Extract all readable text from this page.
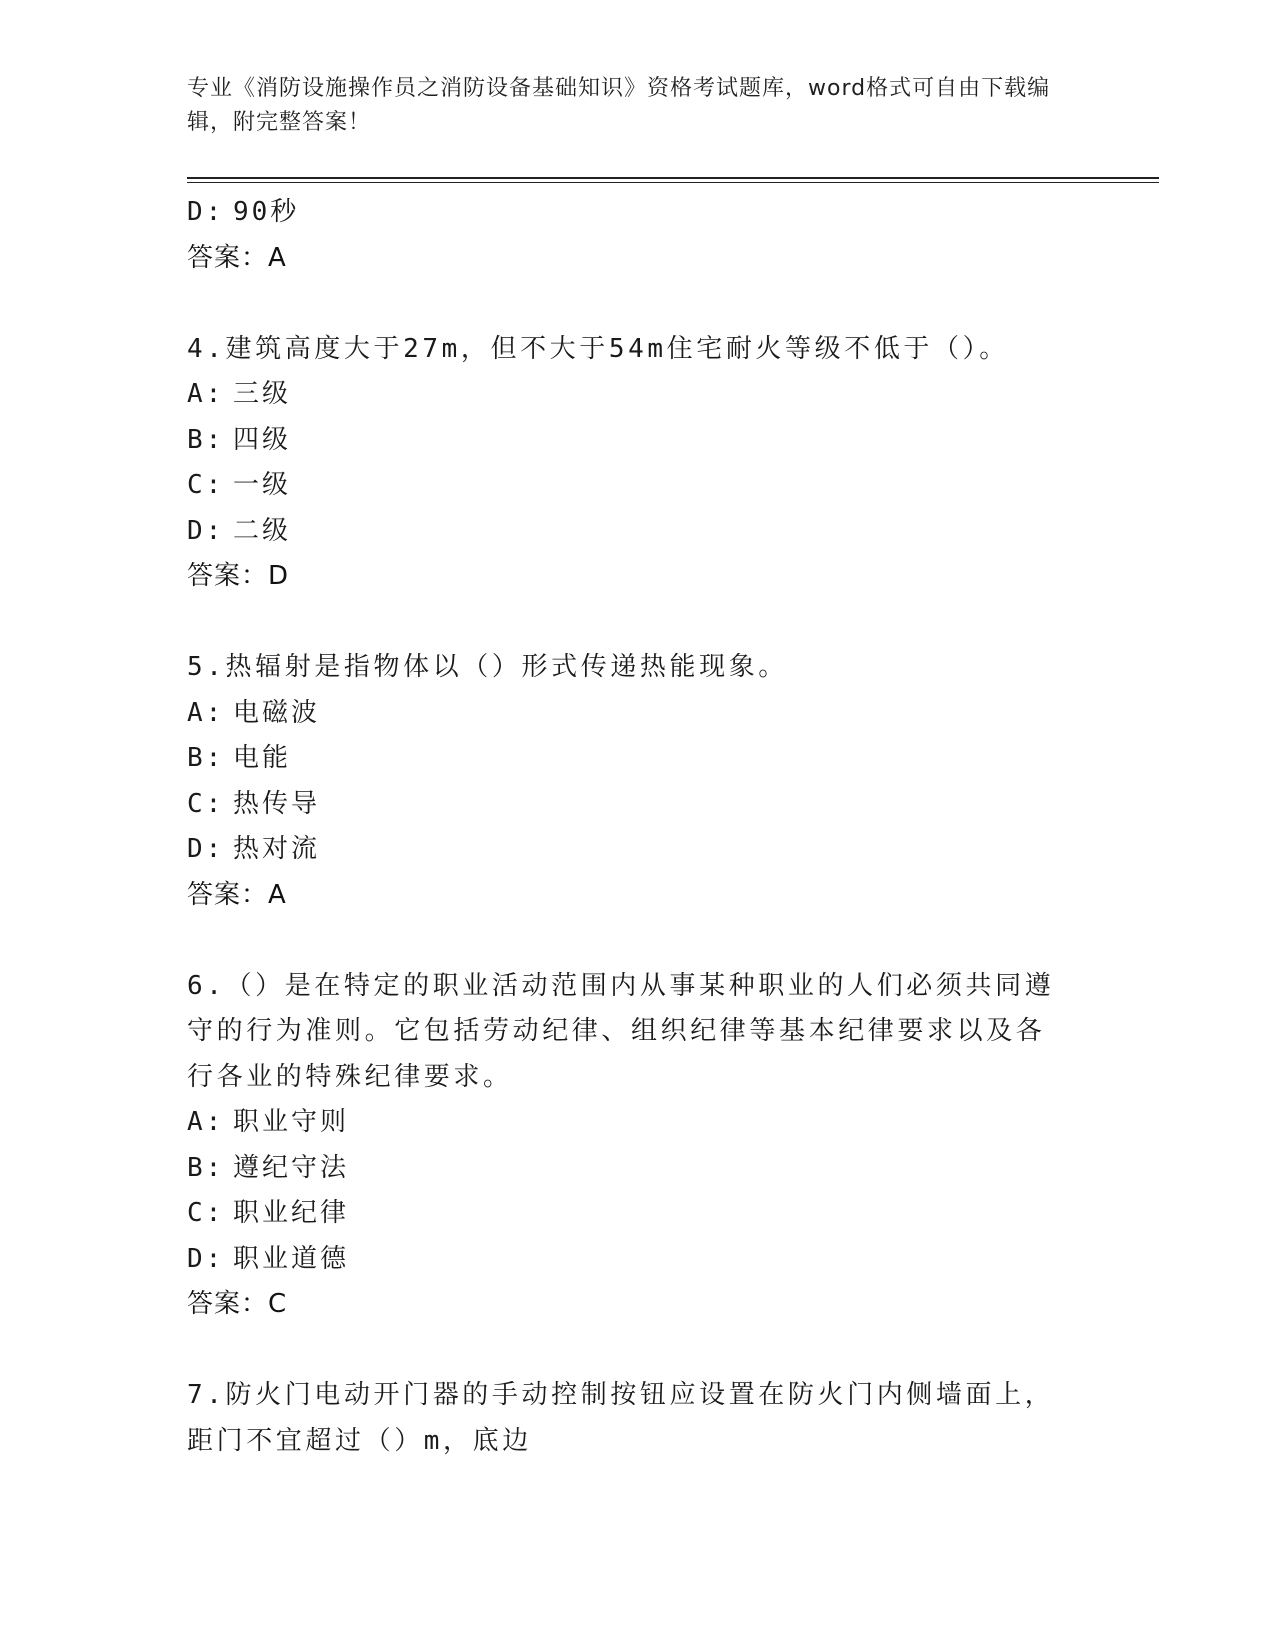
专业《消防设施操作员之消防设备基础知识》资格考试题库，word格式可自由下载编辑，附完整答案！
D: 90秒
答案：A
4.建筑高度大于27m，但不大于54m住宅耐火等级不低于（）。
A: 三级
B: 四级
C: 一级
D: 二级
答案：D
5.热辐射是指物体以（）形式传递热能现象。
A: 电磁波
B: 电能
C: 热传导
D: 热对流
答案：A
6.（）是在特定的职业活动范围内从事某种职业的人们必须共同遵守的行为准则。它包括劳动纪律、组织纪律等基本纪律要求以及各行各业的特殊纪律要求。
A: 职业守则
B: 遵纪守法
C: 职业纪律
D: 职业道德
答案：C
7.防火门电动开门器的手动控制按钮应设置在防火门内侧墙面上，距门不宜超过（）m，底边
